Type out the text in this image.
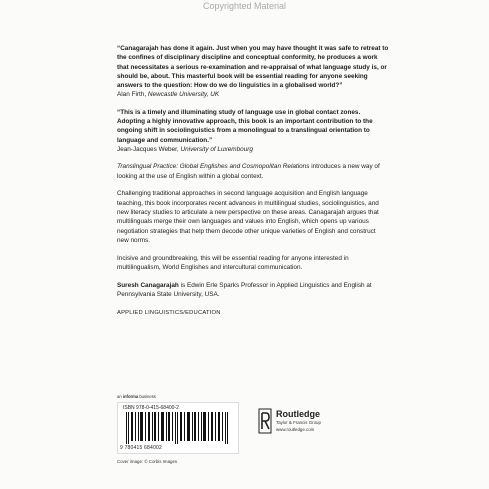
Copyrighted Material

“Canagarajah has done it again. Just when you may have thought it was safe to retreat to the confines of disciplinary discipline and conceptual conformity, he produces a work that necessitates a serious re-examination and re-appraisal of what language study is, or should be, about. This masterful book will be essential reading for anyone seeking answers to the question: How do we do linguistics in a globalised world?”

Alan Firth, Newcastle University, UK

“This is a timely and illuminating study of language use in global contact zones. Adopting a highly innovative approach, this book is an important contribution to the ongoing shift in sociolinguistics from a monolingual to a translingual orientation to language and communication.”

Jean-Jacques Weber, University of Luxembourg

Translingual Practice: Global Englishes and Cosmopolitan Relations introduces a new way of looking at the use of English within a global context.

Challenging traditional approaches in second language acquisition and English language teaching, this book incorporates recent advances in multilingual studies, sociolinguistics, and new literacy studies to articulate a new perspective on these areas. Canagarajah argues that multilinguals merge their own languages and values into English, which opens up various negotiation strategies that help them decode other unique varieties of English and construct new norms.

Incisive and groundbreaking, this will be essential reading for anyone interested in multilingualism, World Englishes and intercultural communication.

Suresh Canagarajah is Edwin Erle Sparks Professor in Applied Linguistics and English at Pennsylvania State University, USA.

APPLIED LINGUISTICS/EDUCATION

an informa business
ISBN 978-0-415-68400-2
9 780415 684002
Routledge
Taylor & Francis Group
www.routledge.com
Cover image: © Corbis Images
